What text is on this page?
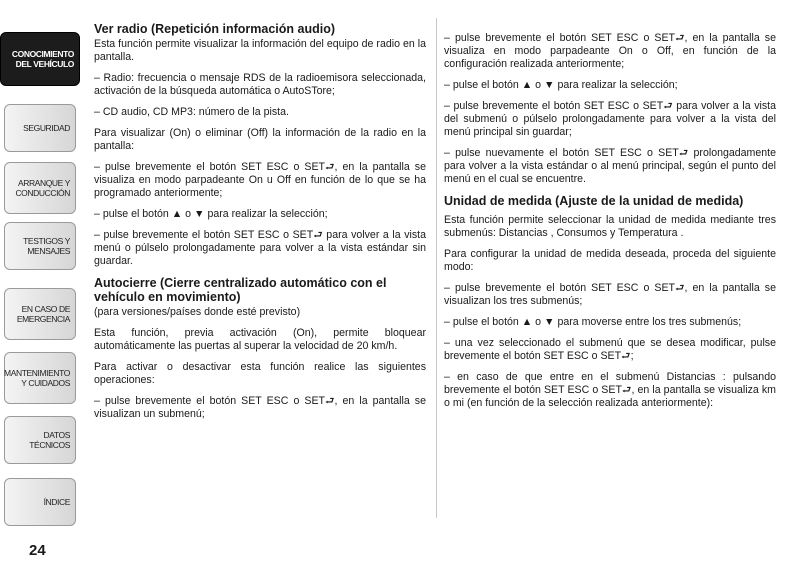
CONOCIMIENTO DEL VEHÍCULO
SEGURIDAD
ARRANQUE Y CONDUCCIÓN
TESTIGOS Y MENSAJES
EN CASO DE EMERGENCIA
MANTENIMIENTO Y CUIDADOS
DATOS TÉCNICOS
ÍNDICE
24
Ver radio (Repetición información audio)

Esta función permite visualizar la información del equipo de radio en la pantalla.

– Radio: frecuencia o mensaje RDS de la radioemisora seleccionada, activación de la búsqueda automática o AutoSTore;

– CD audio, CD MP3: número de la pista.

Para visualizar (On) o eliminar (Off) la información de la radio en la pantalla:

– pulse brevemente el botón SET ESC o SET⮐, en la pantalla se visualiza en modo parpadeante On u Off en función de lo que se ha programado anteriormente;

– pulse el botón ▲ o ▼ para realizar la selección;

– pulse brevemente el botón SET ESC o SET⮐ para volver a la vista menú o púlselo prolongadamente para volver a la vista estándar sin guardar.

Autocierre (Cierre centralizado automático con el vehículo en movimiento)

(para versiones/países donde esté previsto)

Esta función, previa activación (On), permite bloquear automáticamente las puertas al superar la velocidad de 20 km/h.

Para activar o desactivar esta función realice las siguientes operaciones:

– pulse brevemente el botón SET ESC o SET⮐, en la pantalla se visualizan un submenú;

– pulse brevemente el botón SET ESC o SET⮐, en la pantalla se visualiza en modo parpadeante On o Off, en función de la configuración realizada anteriormente;

– pulse el botón ▲ o ▼ para realizar la selección;

– pulse brevemente el botón SET ESC o SET⮐ para volver a la vista del submenú o púlselo prolongadamente para volver a la vista del menú principal sin guardar;

– pulse nuevamente el botón SET ESC o SET⮐ prolongadamente para volver a la vista estándar o al menú principal, según el punto del menú en el cual se encuentre.

Unidad de medida (Ajuste de la unidad de medida)

Esta función permite seleccionar la unidad de medida mediante tres submenús: Distancias , Consumos y Temperatura .

Para configurar la unidad de medida deseada, proceda del siguiente modo:

– pulse brevemente el botón SET ESC o SET⮐, en la pantalla se visualizan los tres submenús;

– pulse el botón ▲ o ▼ para moverse entre los tres submenús;

– una vez seleccionado el submenú que se desea modificar, pulse brevemente el botón SET ESC o SET⮐;

– en caso de que entre en el submenú Distancias : pulsando brevemente el botón SET ESC o SET⮐, en la pantalla se visualiza km o mi (en función de la selección realizada anteriormente):
